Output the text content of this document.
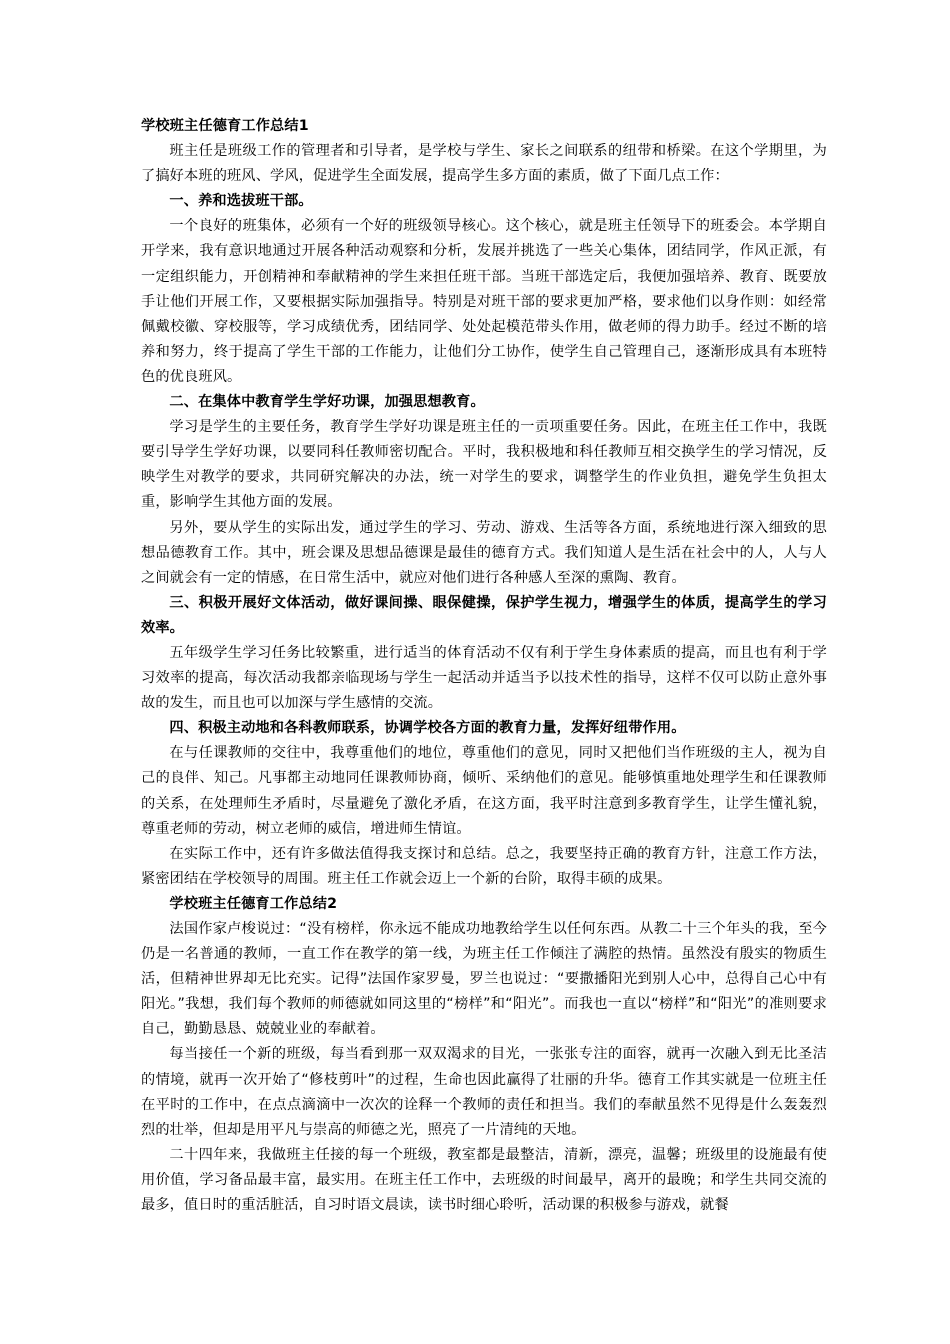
学校班主任德育工作总结1

班主任是班级工作的管理者和引导者，是学校与学生、家长之间联系的纽带和桥梁。在这个学期里，为了搞好本班的班风、学风，促进学生全面发展，提高学生多方面的素质，做了下面几点工作：

一、养和选拔班干部。

一个良好的班集体，必须有一个好的班级领导核心。这个核心，就是班主任领导下的班委会。本学期自开学来，我有意识地通过开展各种活动观察和分析，发展并挑选了一些关心集体，团结同学，作风正派，有一定组织能力，开创精神和奉献精神的学生来担任班干部。当班干部选定后，我便加强培养、教育、既要放手让他们开展工作，又要根据实际加强指导。特别是对班干部的要求更加严格，要求他们以身作则：如经常佩戴校徽、穿校服等，学习成绩优秀，团结同学、处处起模范带头作用，做老师的得力助手。经过不断的培养和努力，终于提高了学生干部的工作能力，让他们分工协作，使学生自己管理自己，逐渐形成具有本班特色的优良班风。

二、在集体中教育学生学好功课，加强思想教育。

学习是学生的主要任务，教育学生学好功课是班主任的一贡项重要任务。因此，在班主任工作中，我既要引导学生学好功课，以要同科任教师密切配合。平时，我积极地和科任教师互相交换学生的学习情况，反映学生对教学的要求，共同研究解决的办法，统一对学生的要求，调整学生的作业负担，避免学生负担太重，影响学生其他方面的发展。

另外，要从学生的实际出发，通过学生的学习、劳动、游戏、生活等各方面，系统地进行深入细致的思想品德教育工作。其中，班会课及思想品德课是最佳的德育方式。我们知道人是生活在社会中的人，人与人之间就会有一定的情感，在日常生活中，就应对他们进行各种感人至深的熏陶、教育。

三、积极开展好文体活动，做好课间操、眼保健操，保护学生视力，增强学生的体质，提高学生的学习效率。

五年级学生学习任务比较繁重，进行适当的体育活动不仅有利于学生身体素质的提高，而且也有利于学习效率的提高，每次活动我都亲临现场与学生一起活动并适当予以技术性的指导，这样不仅可以防止意外事故的发生，而且也可以加深与学生感情的交流。

四、积极主动地和各科教师联系，协调学校各方面的教育力量，发挥好纽带作用。

在与任课教师的交往中，我尊重他们的地位，尊重他们的意见，同时又把他们当作班级的主人，视为自己的良伴、知己。凡事都主动地同任课教师协商，倾听、采纳他们的意见。能够慎重地处理学生和任课教师的关系，在处理师生矛盾时，尽量避免了激化矛盾，在这方面，我平时注意到多教育学生，让学生懂礼貌，尊重老师的劳动，树立老师的威信，增进师生情谊。

在实际工作中，还有许多做法值得我支探讨和总结。总之，我要坚持正确的教育方针，注意工作方法，紧密团结在学校领导的周围。班主任工作就会迈上一个新的台阶，取得丰硕的成果。

学校班主任德育工作总结2

法国作家卢梭说过：“没有榜样，你永远不能成功地教给学生以任何东西。从教二十三个年头的我，至今仍是一名普通的教师，一直工作在教学的第一线，为班主任工作倾注了满腔的热情。虽然没有殷实的物质生活，但精神世界却无比充实。记得”法国作家罗曼，罗兰也说过：“要撒播阳光到别人心中，总得自己心中有阳光。”我想，我们每个教师的师德就如同这里的“榜样”和“阳光”。而我也一直以“榜样”和“阳光”的准则要求自己，勤勤恳恳、兢兢业业的奉献着。

每当接任一个新的班级，每当看到那一双双渴求的目光，一张张专注的面容，就再一次融入到无比圣洁的情境，就再一次开始了“修枝剪叶”的过程，生命也因此赢得了壮丽的升华。德育工作其实就是一位班主任在平时的工作中，在点点滴滴中一次次的诠释一个教师的责任和担当。我们的奉献虽然不见得是什么轰轰烈烈的壮举，但却是用平凡与崇高的师德之光，照亮了一片清纯的天地。

二十四年来，我做班主任接的每一个班级，教室都是最整洁，清新，漂亮，温馨；班级里的设施最有使用价值，学习备品最丰富，最实用。在班主任工作中，去班级的时间最早，离开的最晚；和学生共同交流的最多，值日时的重活脏活，自习时语文晨读，读书时细心聆听，活动课的积极参与游戏，就餐
